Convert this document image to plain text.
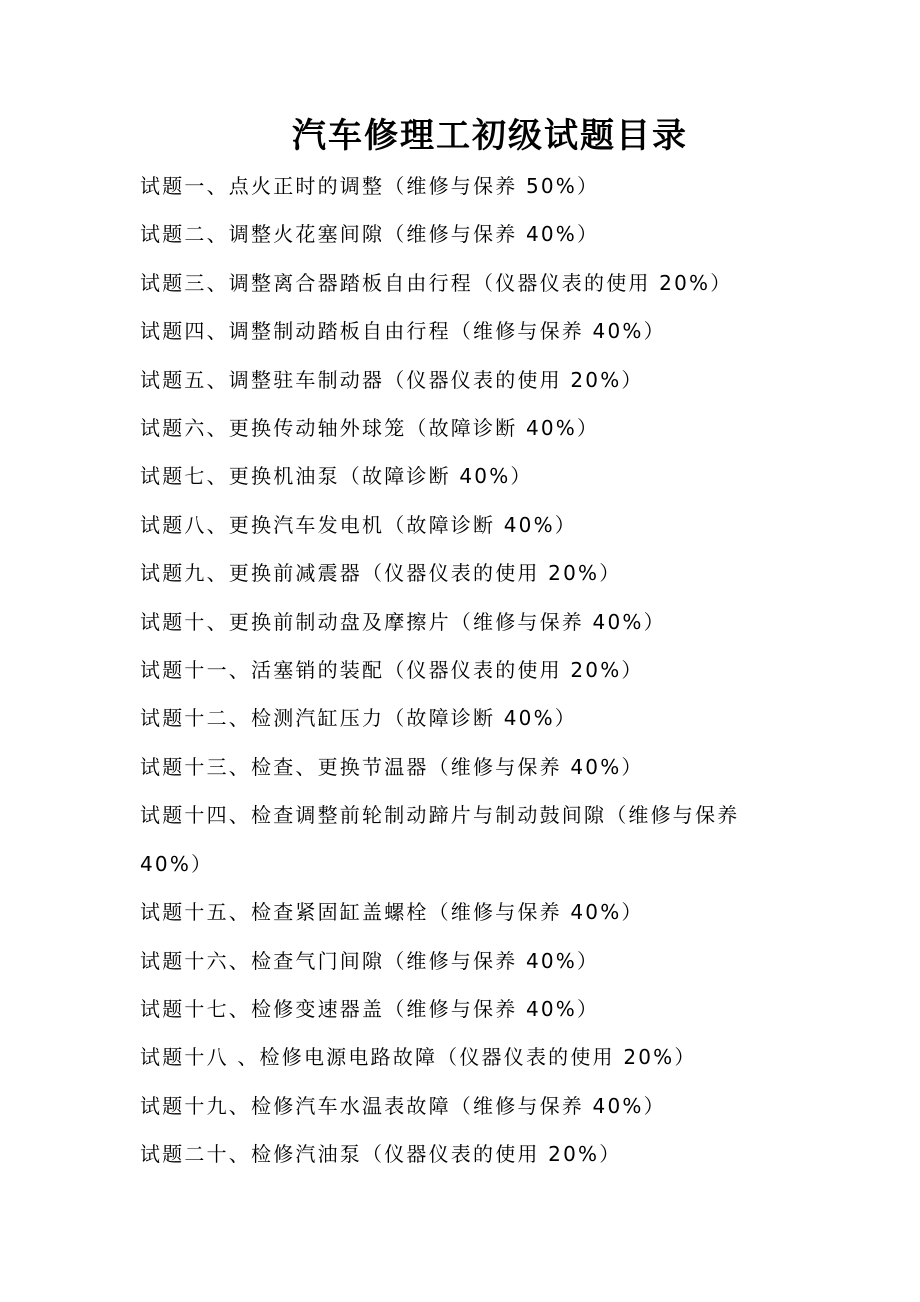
汽车修理工初级试题目录
试题一、点火正时的调整（维修与保养 50%）
试题二、调整火花塞间隙（维修与保养 40%）
试题三、调整离合器踏板自由行程（仪器仪表的使用 20%）
试题四、调整制动踏板自由行程（维修与保养 40%）
试题五、调整驻车制动器（仪器仪表的使用 20%）
试题六、更换传动轴外球笼（故障诊断 40%）
试题七、更换机油泵（故障诊断 40%）
试题八、更换汽车发电机（故障诊断 40%）
试题九、更换前减震器（仪器仪表的使用 20%）
试题十、更换前制动盘及摩擦片（维修与保养 40%）
试题十一、活塞销的装配（仪器仪表的使用 20%）
试题十二、检测汽缸压力（故障诊断 40%）
试题十三、检查、更换节温器（维修与保养 40%）
试题十四、检查调整前轮制动蹄片与制动鼓间隙（维修与保养 40%）
试题十五、检查紧固缸盖螺栓（维修与保养 40%）
试题十六、检查气门间隙（维修与保养 40%）
试题十七、检修变速器盖（维修与保养 40%）
试题十八 、检修电源电路故障（仪器仪表的使用 20%）
试题十九、检修汽车水温表故障（维修与保养 40%）
试题二十、检修汽油泵（仪器仪表的使用 20%）
